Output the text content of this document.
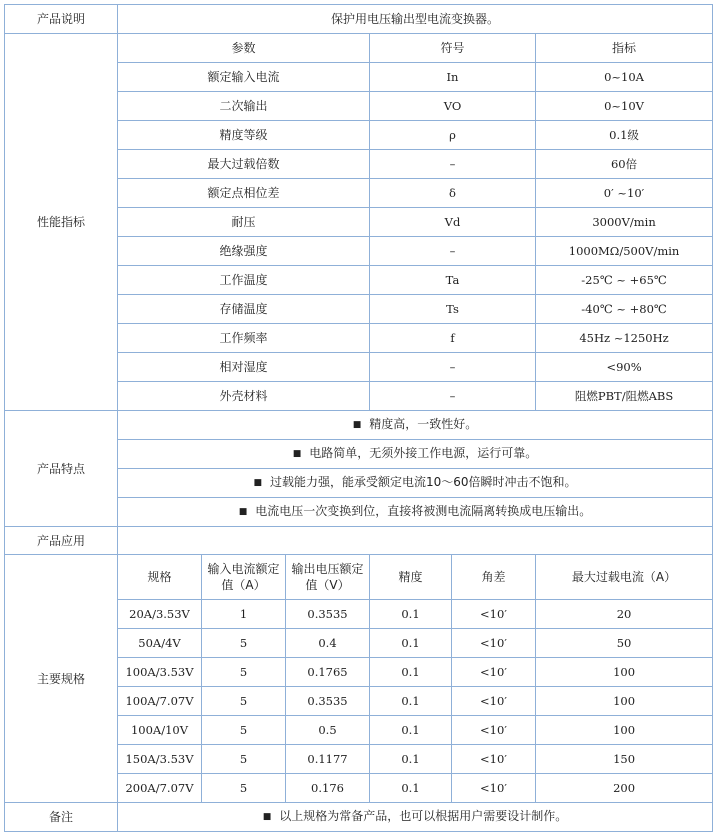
产品说明	保护用电压输出型电流变换器。					
性能指标	参数			符号		指标
	额定输入电流			In		0~10A
	二次输出			VO		0~10V
	精度等级			ρ		0.1级
	最大过载倍数			–		60倍
	额定点相位差			δ		0′ ~10′
	耐压			Vd		3000V/min
	绝缘强度			–		1000MΩ/500V/min
	工作温度			Ta		-25℃ ~ +65℃
	存储温度			Ts		-40℃ ~ +80℃
	工作频率			f		45Hz ~1250Hz
	相对湿度			–		<90%
	外壳材料			–		阻燃PBT/阻燃ABS
产品特点	■ 精度高，一致性好。					
	■ 电路简单，无须外接工作电源，运行可靠。					
	■ 过载能力强，能承受额定电流10～60倍瞬时冲击不饱和。					
	■ 电流电压一次变换到位，直接将被测电流隔离转换成电压输出。					
产品应用						
主要规格	规格	输入电流额定值（A）	输出电压额定值（V）	精度	角差	最大过载电流（A）
	20A/3.53V	1	0.3535	0.1	<10′	20
	50A/4V	5	0.4	0.1	<10′	50
	100A/3.53V	5	0.1765	0.1	<10′	100
	100A/7.07V	5	0.3535	0.1	<10′	100
	100A/10V	5	0.5	0.1	<10′	100
	150A/3.53V	5	0.1177	0.1	<10′	150
	200A/7.07V	5	0.176	0.1	<10′	200
备注	■ 以上规格为常备产品，也可以根据用户需要设计制作。					
